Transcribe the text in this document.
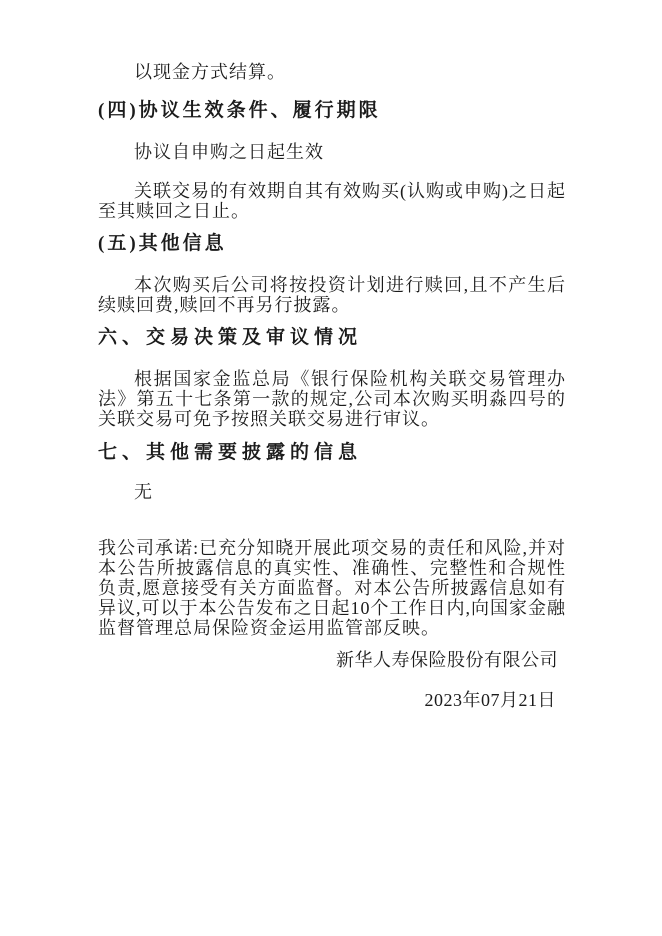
以现金方式结算。

(四)协议生效条件、履行期限

协议自申购之日起生效

关联交易的有效期自其有效购买(认购或申购)之日起至其赎回之日止。

(五)其他信息

本次购买后公司将按投资计划进行赎回,且不产生后续赎回费,赎回不再另行披露。

六、交易决策及审议情况

根据国家金监总局《银行保险机构关联交易管理办法》第五十七条第一款的规定,公司本次购买明淼四号的关联交易可免予按照关联交易进行审议。

七、其他需要披露的信息

无

我公司承诺:已充分知晓开展此项交易的责任和风险,并对本公告所披露信息的真实性、准确性、完整性和合规性负责,愿意接受有关方面监督。对本公告所披露信息如有异议,可以于本公告发布之日起10个工作日内,向国家金融监督管理总局保险资金运用监管部反映。

新华人寿保险股份有限公司

2023年07月21日
